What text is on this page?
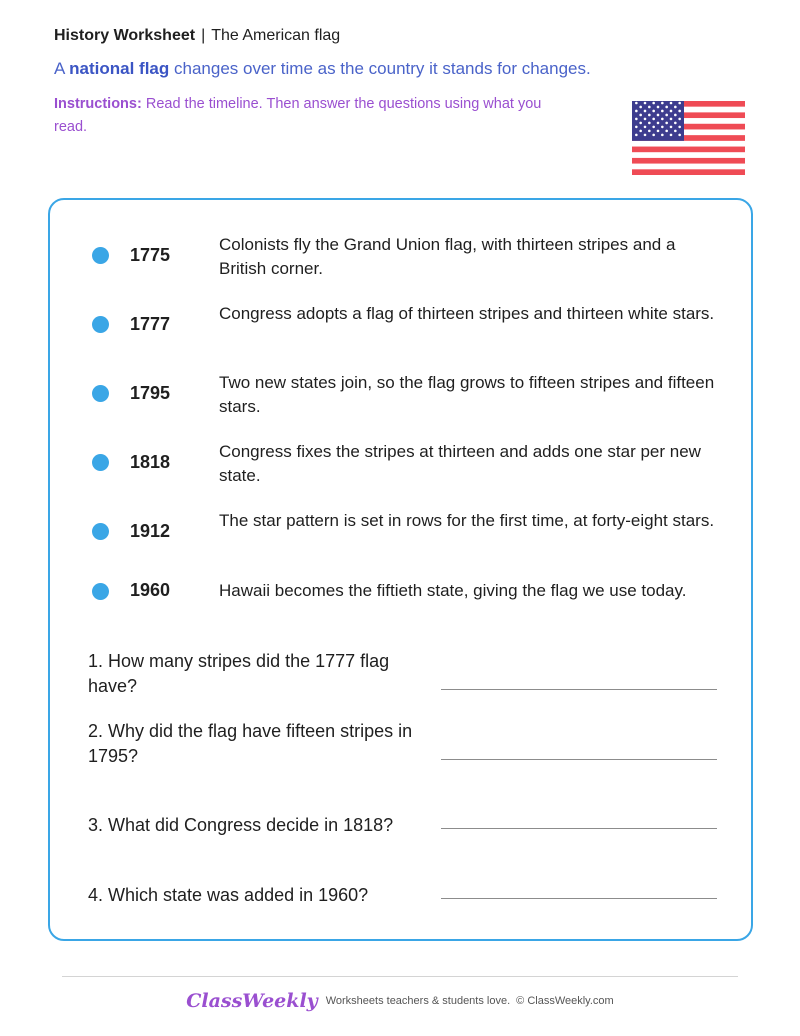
History Worksheet | The American flag
A national flag changes over time as the country it stands for changes.
Instructions: Read the timeline. Then answer the questions using what you read.
1775
Colonists fly the Grand Union flag, with thirteen stripes and a British corner.
1777
Congress adopts a flag of thirteen stripes and thirteen white stars.
1795
Two new states join, so the flag grows to fifteen stripes and fifteen stars.
1818
Congress fixes the stripes at thirteen and adds one star per new state.
1912
The star pattern is set in rows for the first time, at forty-eight stars.
1960	Hawaii becomes the fiftieth state, giving the flag we use today.
1. How many stripes did the 1777 flag have?
2. Why did the flag have fifteen stripes in 1795?
3. What did Congress decide in 1818?
4. Which state was added in 1960?
ClassWeekly Worksheets teachers & students love. © ClassWeekly.com
